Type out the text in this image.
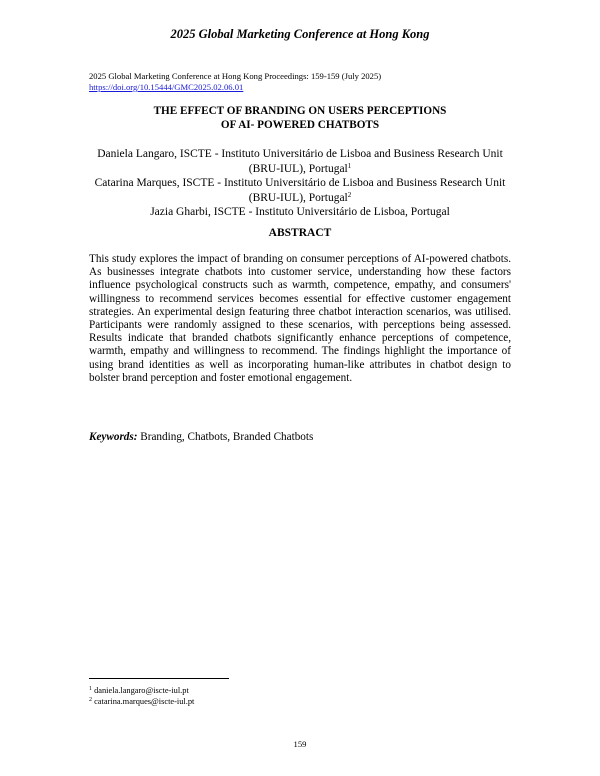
2025 Global Marketing Conference at Hong Kong
2025 Global Marketing Conference at Hong Kong Proceedings: 159-159 (July 2025)
https://doi.org/10.15444/GMC2025.02.06.01
THE EFFECT OF BRANDING ON USERS PERCEPTIONS
OF AI- POWERED CHATBOTS
Daniela Langaro, ISCTE - Instituto Universitário de Lisboa and Business Research Unit
(BRU-IUL), Portugal$^1$
Catarina Marques, ISCTE - Instituto Universitário de Lisboa and Business Research Unit
(BRU-IUL), Portugal$^2$
Jazia Gharbi, ISCTE - Instituto Universitário de Lisboa, Portugal
ABSTRACT
This study explores the impact of branding on consumer perceptions of AI-powered chatbots. As businesses integrate chatbots into customer service, understanding how these factors influence psychological constructs such as warmth, competence, empathy, and consumers' willingness to recommend services becomes essential for effective customer engagement strategies. An experimental design featuring three chatbot interaction scenarios, was utilised. Participants were randomly assigned to these scenarios, with perceptions being assessed. Results indicate that branded chatbots significantly enhance perceptions of competence, warmth, empathy and willingness to recommend. The findings highlight the importance of using brand identities as well as incorporating human-like attributes in chatbot design to bolster brand perception and foster emotional engagement.
Keywords: Branding, Chatbots, Branded Chatbots
$^1$ daniela.langaro@iscte-iul.pt
$^2$ catarina.marques@iscte-iul.pt
159
